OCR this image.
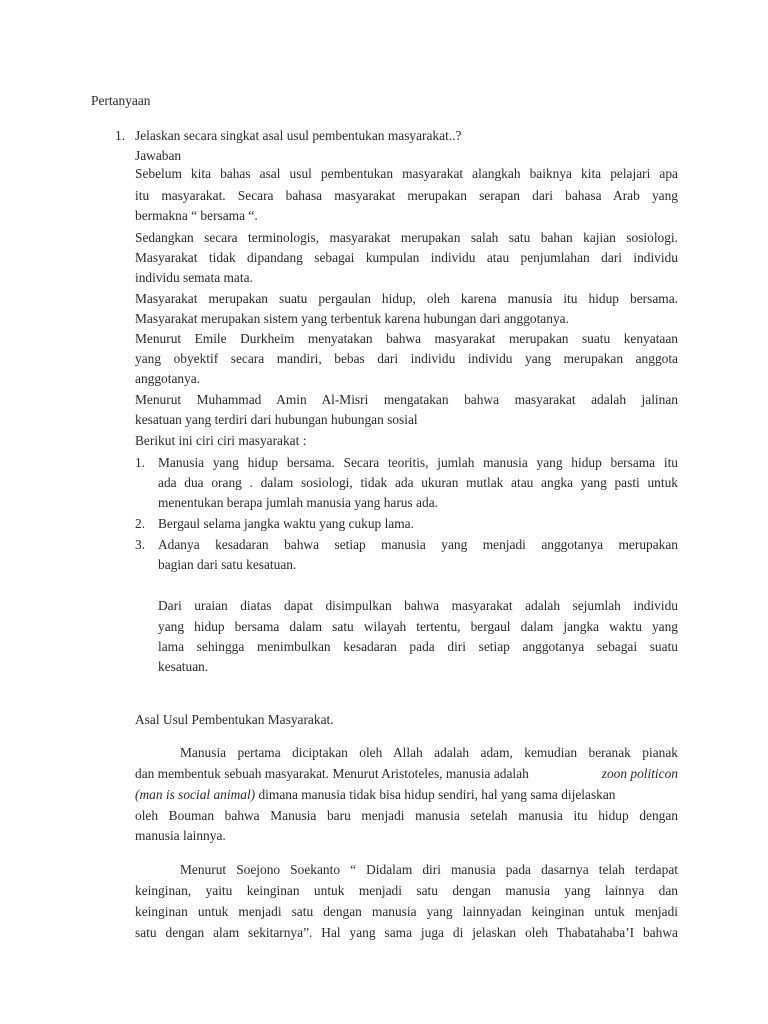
Pertanyaan
1. Jelaskan secara singkat asal usul pembentukan masyarakat..?
Jawaban
Sebelum kita bahas asal usul pembentukan masyarakat alangkah baiknya kita pelajari apa
itu masyarakat. Secara bahasa masyarakat merupakan serapan dari bahasa Arab yang
bermakna “ bersama “.
Sedangkan secara terminologis, masyarakat merupakan salah satu bahan kajian sosiologi.
Masyarakat tidak dipandang sebagai kumpulan individu atau penjumlahan dari individu
individu semata mata.
Masyarakat merupakan suatu pergaulan hidup, oleh karena manusia itu hidup bersama.
Masyarakat merupakan sistem yang terbentuk karena hubungan dari anggotanya.
Menurut Emile Durkheim menyatakan bahwa masyarakat merupakan suatu kenyataan
yang obyektif secara mandiri, bebas dari individu individu yang merupakan anggota
anggotanya.
Menurut Muhammad Amin Al-Misri mengatakan bahwa masyarakat adalah jalinan
kesatuan yang terdiri dari hubungan hubungan sosial
Berikut ini ciri ciri masyarakat :
1. Manusia yang hidup bersama. Secara teoritis, jumlah manusia yang hidup bersama itu
ada dua orang . dalam sosiologi, tidak ada ukuran mutlak atau angka yang pasti untuk
menentukan berapa jumlah manusia yang harus ada.
2. Bergaul selama jangka waktu yang cukup lama.
3. Adanya kesadaran bahwa setiap manusia yang menjadi anggotanya merupakan
bagian dari satu kesatuan.
Dari uraian diatas dapat disimpulkan bahwa masyarakat adalah sejumlah individu
yang hidup bersama dalam satu wilayah tertentu, bergaul dalam jangka waktu yang
lama sehingga menimbulkan kesadaran pada diri setiap anggotanya sebagai suatu
kesatuan.
Asal Usul Pembentukan Masyarakat.
Manusia pertama diciptakan oleh Allah adalah adam, kemudian beranak pianak
dan membentuk sebuah masyarakat. Menurut Aristoteles, manusia adalah	zoon politicon
(man is social animal) dimana manusia tidak bisa hidup sendiri, hal yang sama dijelaskan
oleh Bouman bahwa Manusia baru menjadi manusia setelah manusia itu hidup dengan
manusia lainnya.
Menurut Soejono Soekanto “ Didalam diri manusia pada dasarnya telah terdapat
keinginan, yaitu keinginan untuk menjadi satu dengan manusia yang lainnya dan
keinginan untuk menjadi satu dengan manusia yang lainnyadan keinginan untuk menjadi
satu dengan alam sekitarnya”. Hal yang sama juga di jelaskan oleh Thabatahaba’I bahwa
